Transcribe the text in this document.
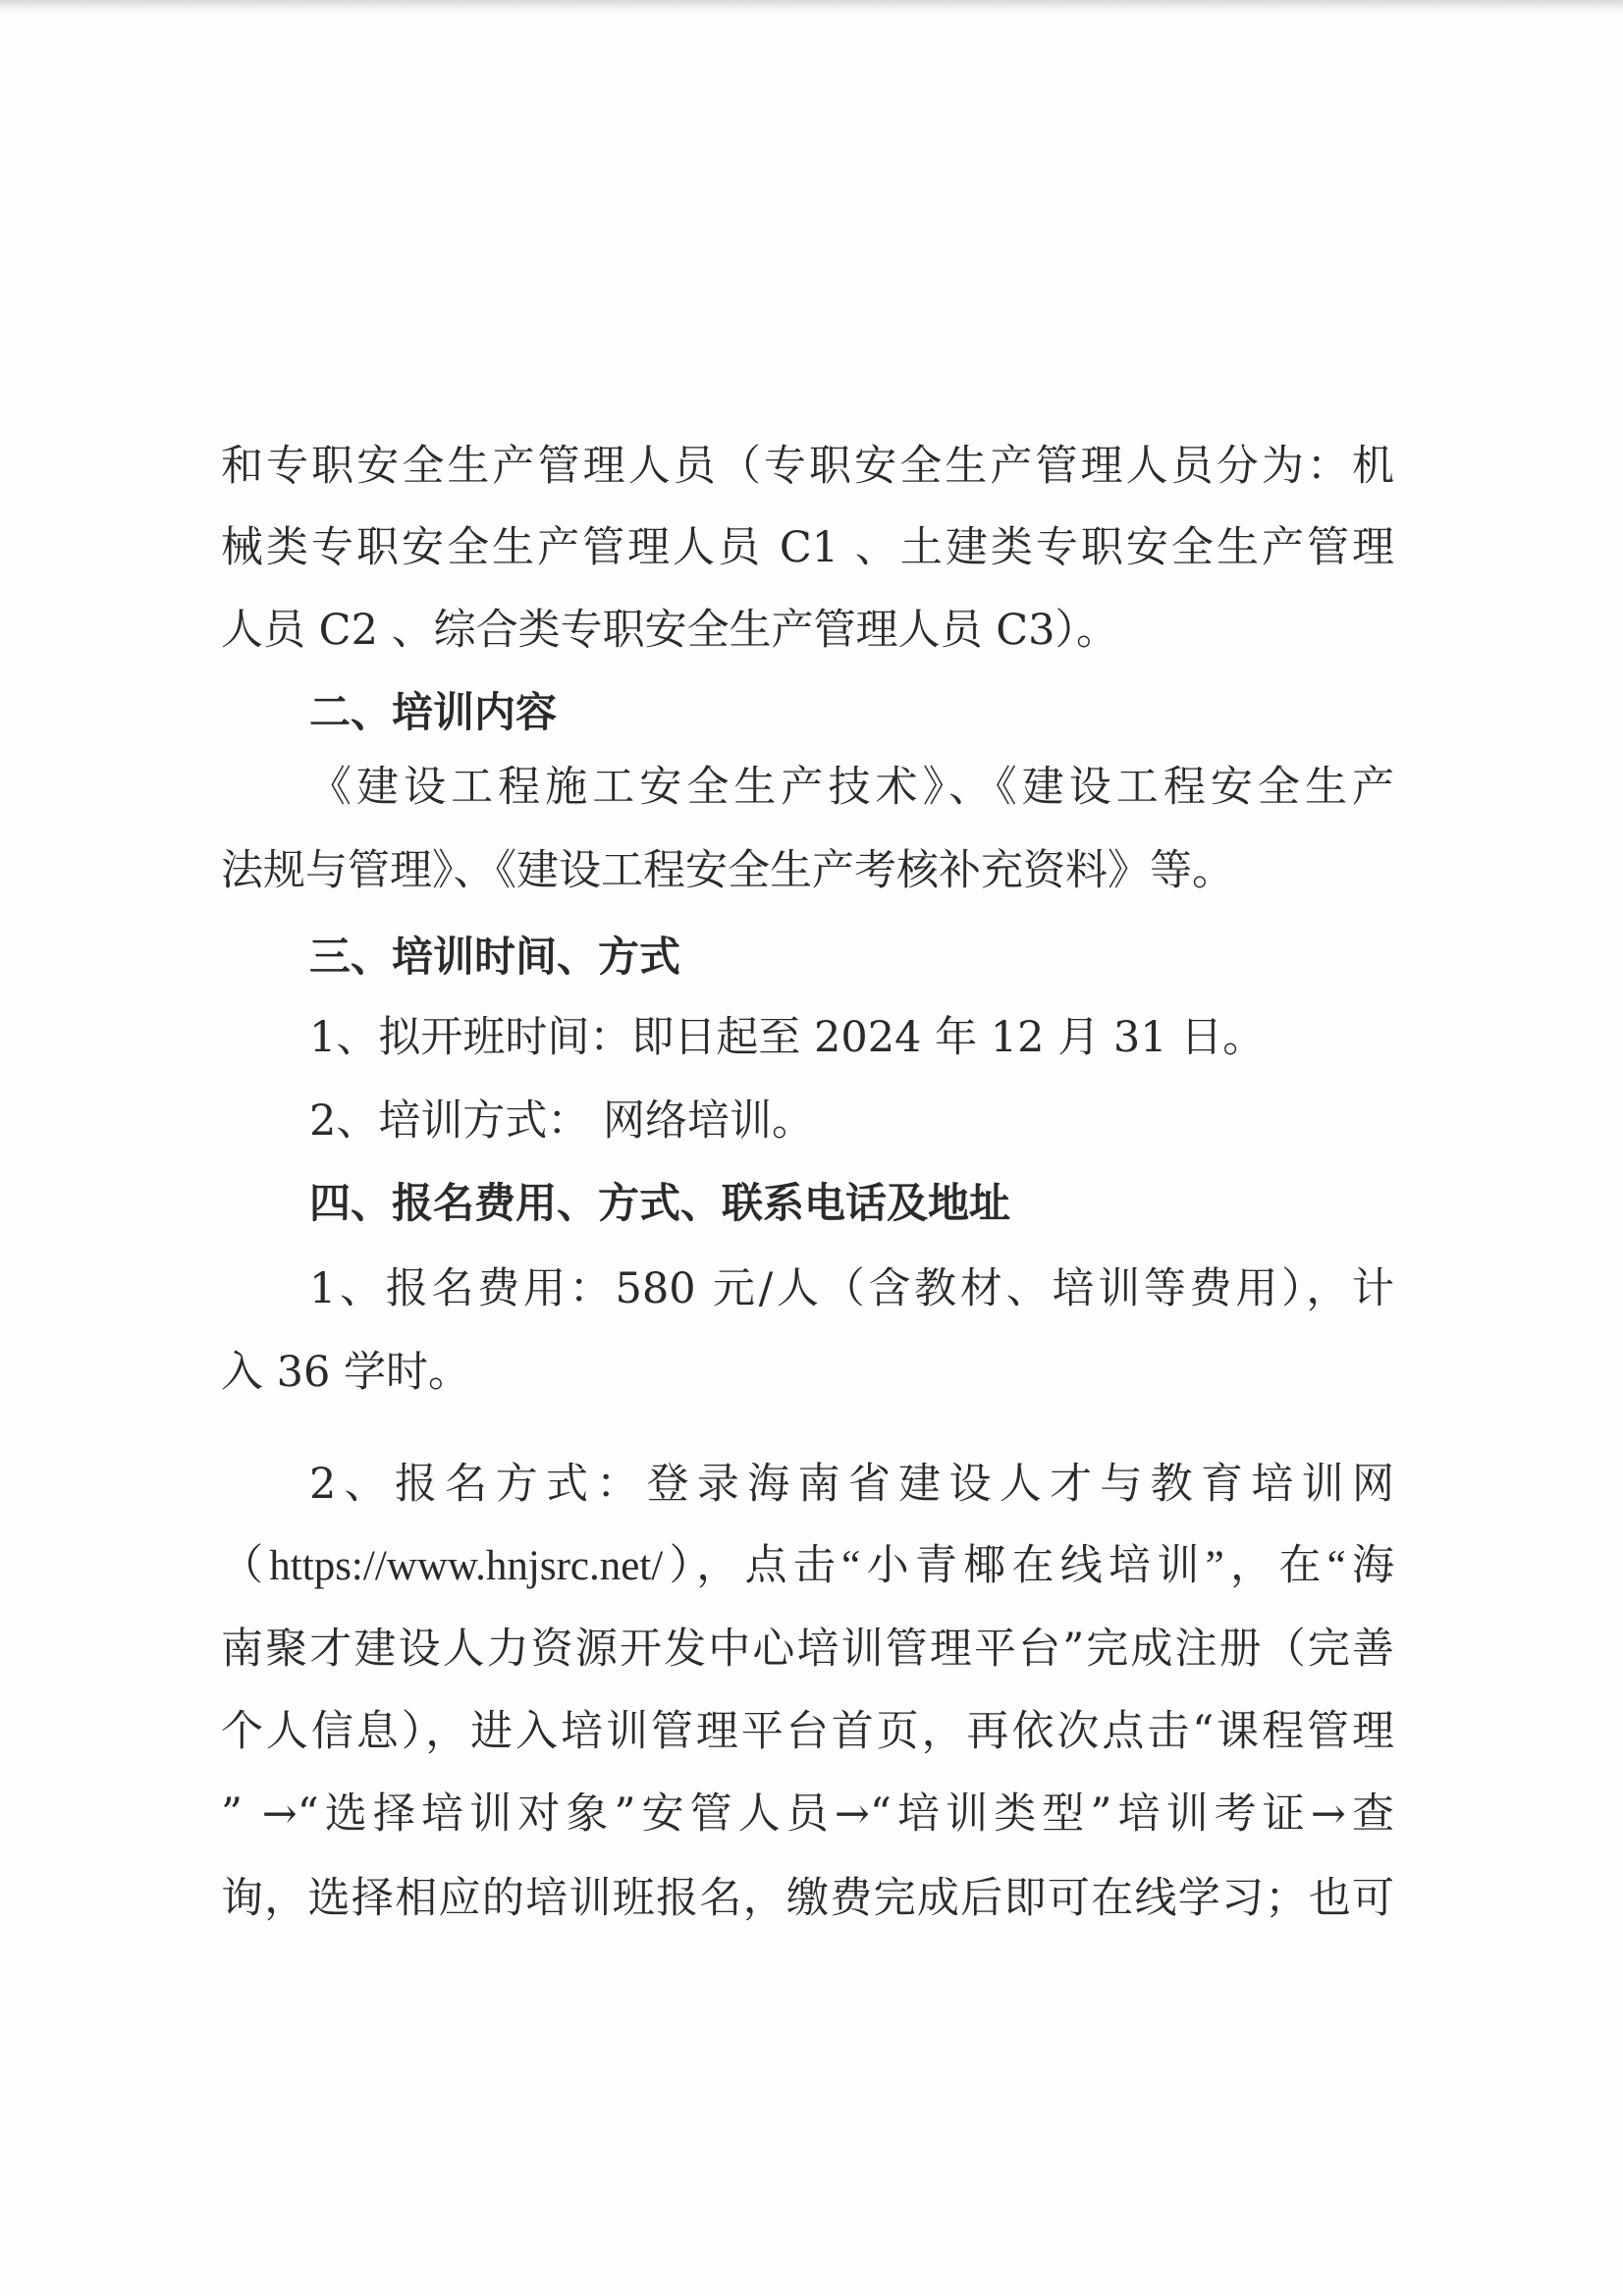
和专职安全生产管理人员（专职安全生产管理人员分为：机
械类专职安全生产管理人员 C1 、土建类专职安全生产管理
人员 C2 、综合类专职安全生产管理人员 C3）。
二、培训内容
《建设工程施工安全生产技术》、《建设工程安全生产
法规与管理》、《建设工程安全生产考核补充资料》等。
三、培训时间、方式
1、拟开班时间：即日起至 2024 年 12 月 31 日。
2、培训方式： 网络培训。
四、报名费用、方式、联系电话及地址
1、报名费用：580 元/人（含教材、培训等费用），计
入 36 学时。
2、报名方式：登录海南省建设人才与教育培训网
（https://www.hnjsrc.net/），点击“小青椰在线培训”，在“海
南聚才建设人力资源开发中心培训管理平台”完成注册（完善
个人信息），进入培训管理平台首页，再依次点击“课程管理
” →“选择培训对象”安管人员→“培训类型”培训考证→查
询，选择相应的培训班报名，缴费完成后即可在线学习；也可
